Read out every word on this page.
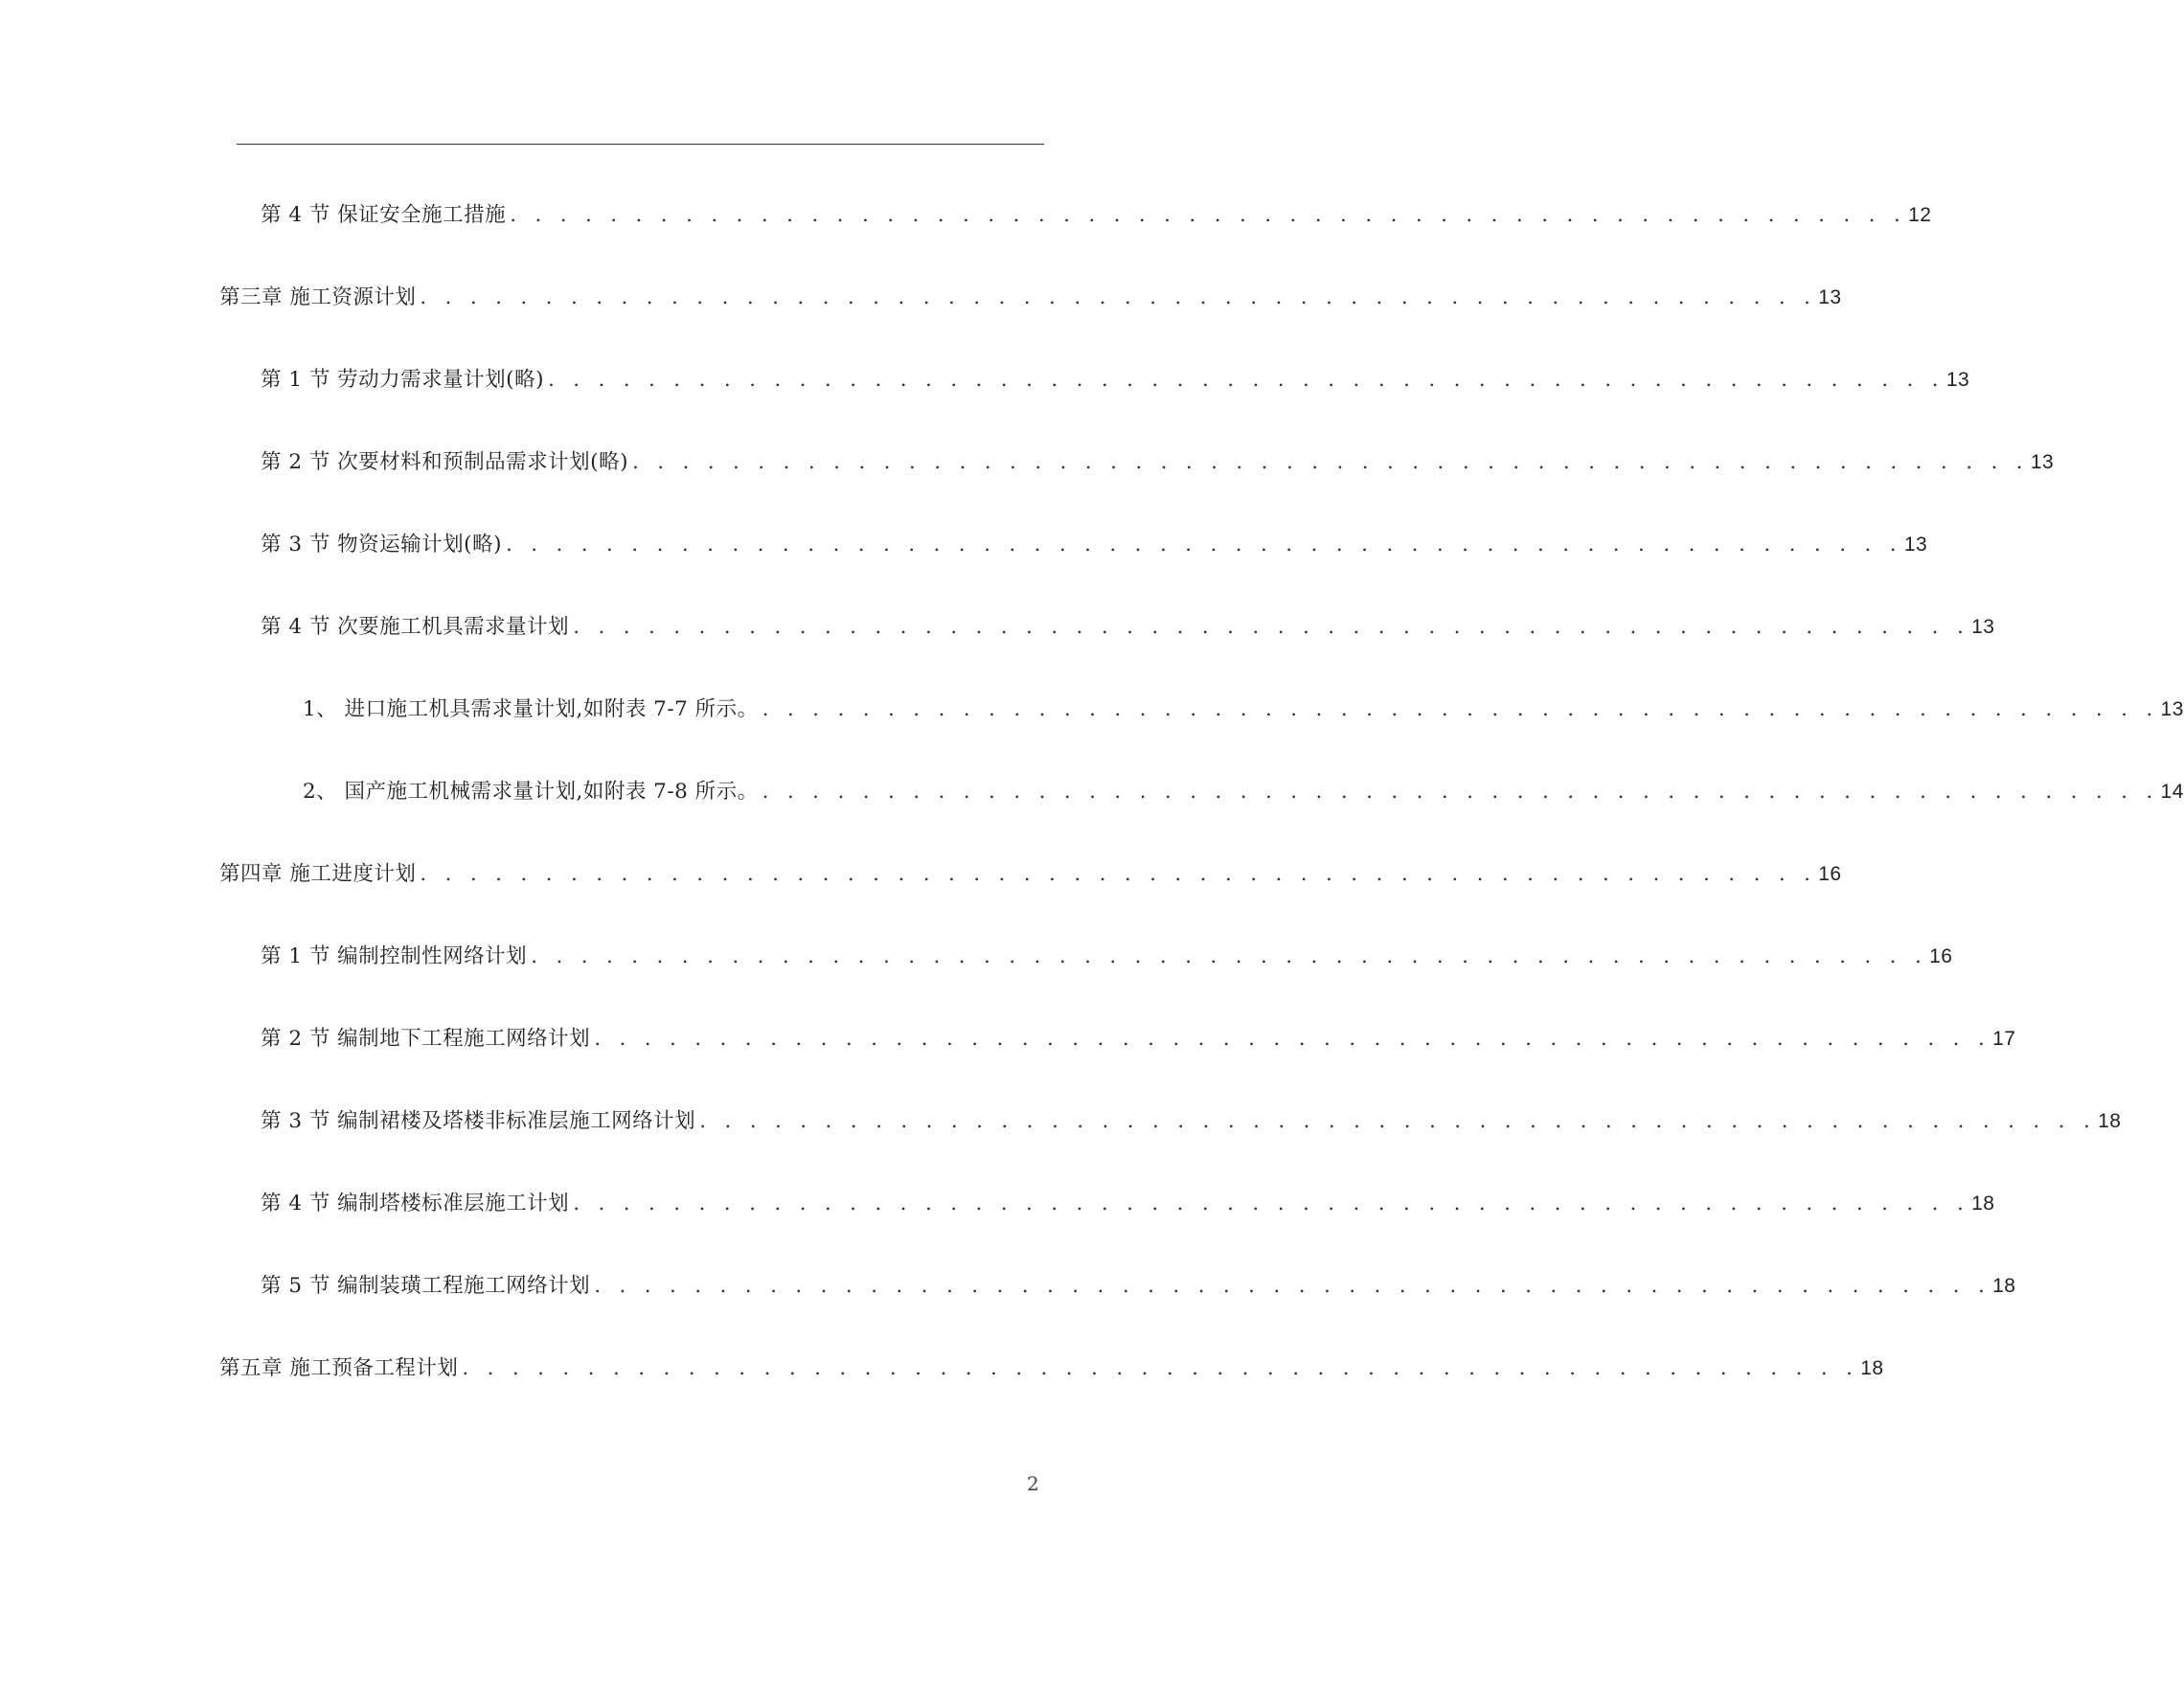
第 4 节 保证安全施工措施 . . . . . . . . . . . . . . . . . . . . . . . . . . . . . . . . . . . . . . . . . . . . . . . . . . . . . . . . 12
第三章 施工资源计划 . . . . . . . . . . . . . . . . . . . . . . . . . . . . . . . . . . . . . . . . . . . . . . . . . . . . . . . . 13
第 1 节 劳动力需求量计划(略) . . . . . . . . . . . . . . . . . . . . . . . . . . . . . . . . . . . . . . . . . . . . . . . . . . . . . . . . 13
第 2 节 次要材料和预制品需求计划(略) . . . . . . . . . . . . . . . . . . . . . . . . . . . . . . . . . . . . . . . . . . . . . . . . . . . . . . . . 13
第 3 节 物资运输计划(略) . . . . . . . . . . . . . . . . . . . . . . . . . . . . . . . . . . . . . . . . . . . . . . . . . . . . . . . . 13
第 4 节 次要施工机具需求量计划 . . . . . . . . . . . . . . . . . . . . . . . . . . . . . . . . . . . . . . . . . . . . . . . . . . . . . . . . 13
1、 进口施工机具需求量计划,如附表 7-7 所示。 . . . . . . . . . . . . . . . . . . . . . . . . . . . . . . . . . . . . . . . . . . . . . . . . . . . . . . . . 13
2、 国产施工机械需求量计划,如附表 7-8 所示。 . . . . . . . . . . . . . . . . . . . . . . . . . . . . . . . . . . . . . . . . . . . . . . . . . . . . . . . . 14
第四章 施工进度计划 . . . . . . . . . . . . . . . . . . . . . . . . . . . . . . . . . . . . . . . . . . . . . . . . . . . . . . . . 16
第 1 节 编制控制性网络计划 . . . . . . . . . . . . . . . . . . . . . . . . . . . . . . . . . . . . . . . . . . . . . . . . . . . . . . . . 16
第 2 节 编制地下工程施工网络计划 . . . . . . . . . . . . . . . . . . . . . . . . . . . . . . . . . . . . . . . . . . . . . . . . . . . . . . . . 17
第 3 节 编制裙楼及塔楼非标准层施工网络计划 . . . . . . . . . . . . . . . . . . . . . . . . . . . . . . . . . . . . . . . . . . . . . . . . . . . . . . . . 18
第 4 节 编制塔楼标准层施工计划 . . . . . . . . . . . . . . . . . . . . . . . . . . . . . . . . . . . . . . . . . . . . . . . . . . . . . . . . 18
第 5 节 编制装璜工程施工网络计划 . . . . . . . . . . . . . . . . . . . . . . . . . . . . . . . . . . . . . . . . . . . . . . . . . . . . . . . . 18
第五章 施工预备工程计划 . . . . . . . . . . . . . . . . . . . . . . . . . . . . . . . . . . . . . . . . . . . . . . . . . . . . . . . . 18
2
